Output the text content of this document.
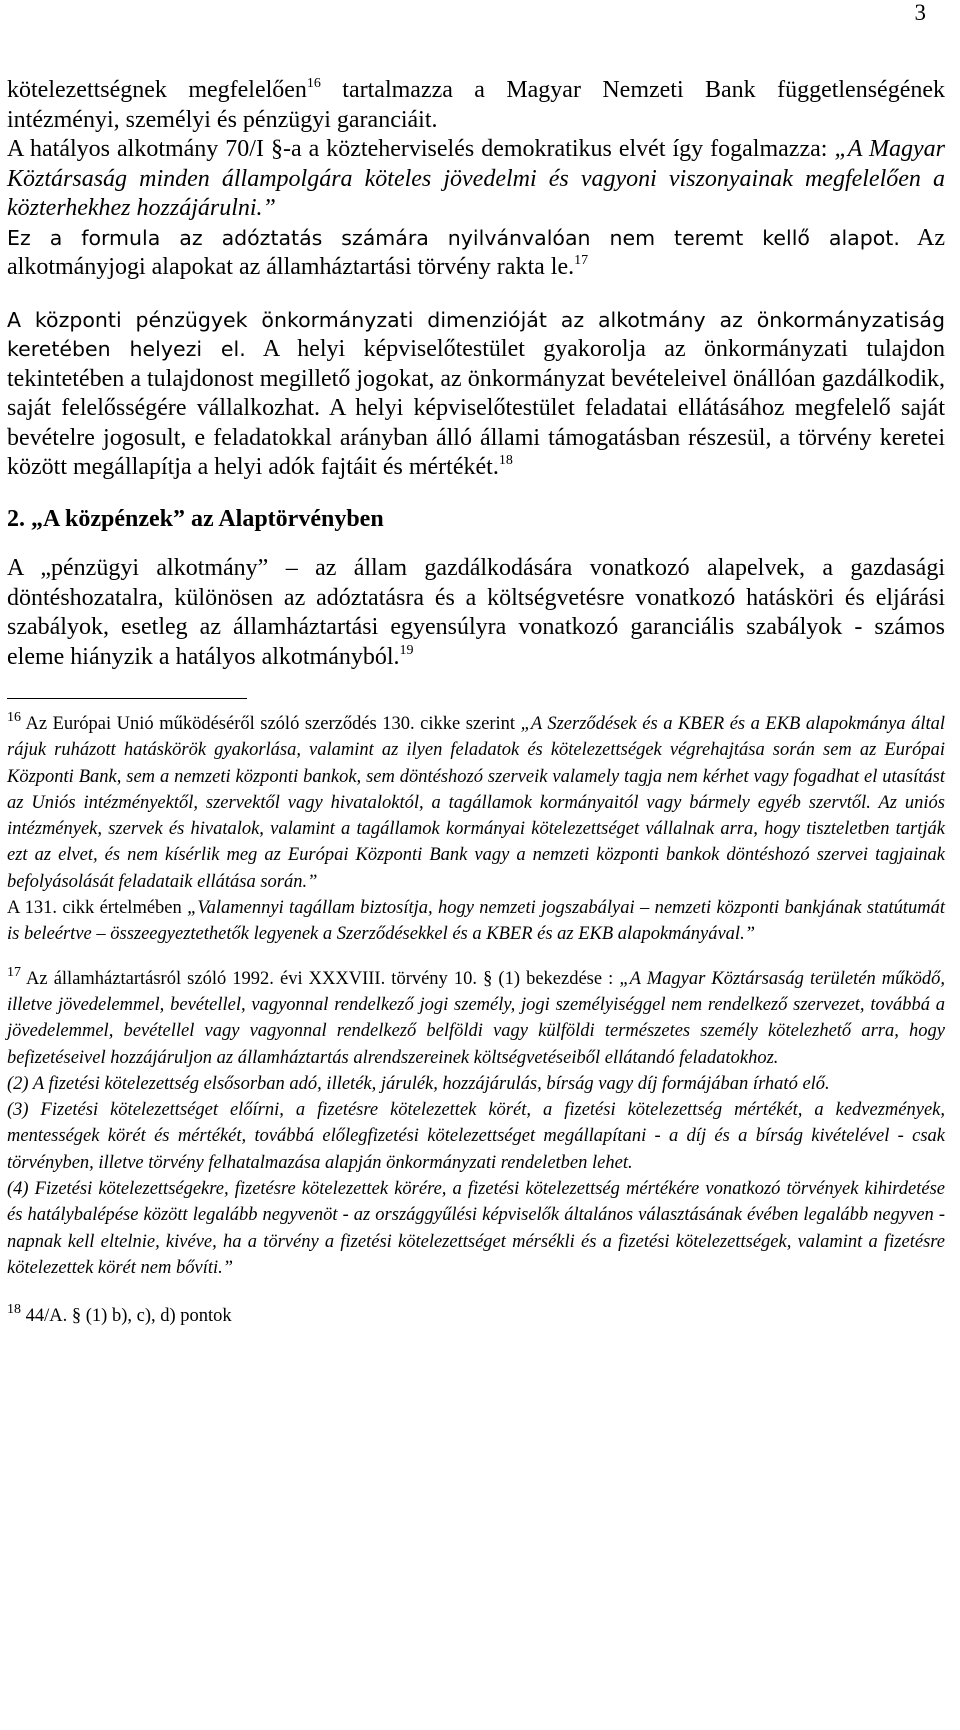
3

kötelezettségnek megfelelően$^{16}$ tartalmazza a Magyar Nemzeti Bank függetlenségének intézményi, személyi és pénzügyi garanciáit.

A hatályos alkotmány 70/I §-a a közteherviselés demokratikus elvét így fogalmazza: „A Magyar Köztársaság minden állampolgára köteles jövedelmi és vagyoni viszonyainak megfelelően a közterhekhez hozzájárulni.”
Ez a formula az adóztatás számára nyilvánvalóan nem teremt kellő alapot. Az alkotmányjogi alapokat az államháztartási törvény rakta le.$^{17}$

A központi pénzügyek önkormányzati dimenzióját az alkotmány az önkormányzatiság keretében helyezi el. A helyi képviselőtestület gyakorolja az önkormányzati tulajdon tekintetében a tulajdonost megillető jogokat, az önkormányzat bevételeivel önállóan gazdálkodik, saját felelősségére vállalkozhat. A helyi képviselőtestület feladatai ellátásához megfelelő saját bevételre jogosult, e feladatokkal arányban álló állami támogatásban részesül, a törvény keretei között megállapítja a helyi adók fajtáit és mértékét.$^{18}$

2. „A közpénzek” az Alaptörvényben

A „pénzügyi alkotmány” – az állam gazdálkodására vonatkozó alapelvek, a gazdasági döntéshozatalra, különösen az adóztatásra és a költségvetésre vonatkozó hatásköri és eljárási szabályok, esetleg az államháztartási egyensúlyra vonatkozó garanciális szabályok - számos eleme hiányzik a hatályos alkotmányból.$^{19}$

$^{16}$ Az Európai Unió működéséről szóló szerződés 130. cikke szerint „A Szerződések és a KBER és a EKB alapokmánya által rájuk ruházott hatáskörök gyakorlása, valamint az ilyen feladatok és kötelezettségek végrehajtása során sem az Európai Központi Bank, sem a nemzeti központi bankok, sem döntéshozó szerveik valamely tagja nem kérhet vagy fogadhat el utasítást az Uniós intézményektől, szervektől vagy hivataloktól, a tagállamok kormányaitól vagy bármely egyéb szervtől. Az uniós intézmények, szervek és hivatalok, valamint a tagállamok kormányai kötelezettséget vállalnak arra, hogy tiszteletben tartják ezt az elvet, és nem kísérlik meg az Európai Központi Bank vagy a nemzeti központi bankok döntéshozó szervei tagjainak befolyásolását feladataik ellátása során.”

A 131. cikk értelmében „Valamennyi tagállam biztosítja, hogy nemzeti jogszabályai – nemzeti központi bankjának statútumát is beleértve – összeegyeztethetők legyenek a Szerződésekkel és a KBER és az EKB alapokmányával.”

$^{17}$ Az államháztartásról szóló 1992. évi XXXVIII. törvény 10. § (1) bekezdése : „A Magyar Köztársaság területén működő, illetve jövedelemmel, bevétellel, vagyonnal rendelkező jogi személy, jogi személyiséggel nem rendelkező szervezet, továbbá a jövedelemmel, bevétellel vagy vagyonnal rendelkező belföldi vagy külföldi természetes személy kötelezhető arra, hogy befizetéseivel hozzájáruljon az államháztartás alrendszereinek költségvetéseiből ellátandó feladatokhoz.

(2) A fizetési kötelezettség elsősorban adó, illeték, járulék, hozzájárulás, bírság vagy díj formájában írható elő.

(3) Fizetési kötelezettséget előírni, a fizetésre kötelezettek körét, a fizetési kötelezettség mértékét, a kedvezmények, mentességek körét és mértékét, továbbá előlegfizetési kötelezettséget megállapítani - a díj és a bírság kivételével - csak törvényben, illetve törvény felhatalmazása alapján önkormányzati rendeletben lehet.

(4) Fizetési kötelezettségekre, fizetésre kötelezettek körére, a fizetési kötelezettség mértékére vonatkozó törvények kihirdetése és hatálybalépése között legalább negyvenöt - az országgyűlési képviselők általános választásának évében legalább negyven - napnak kell eltelnie, kivéve, ha a törvény a fizetési kötelezettséget mérsékli és a fizetési kötelezettségek, valamint a fizetésre kötelezettek körét nem bővíti.”

$^{18}$ 44/A. § (1) b), c), d) pontok
